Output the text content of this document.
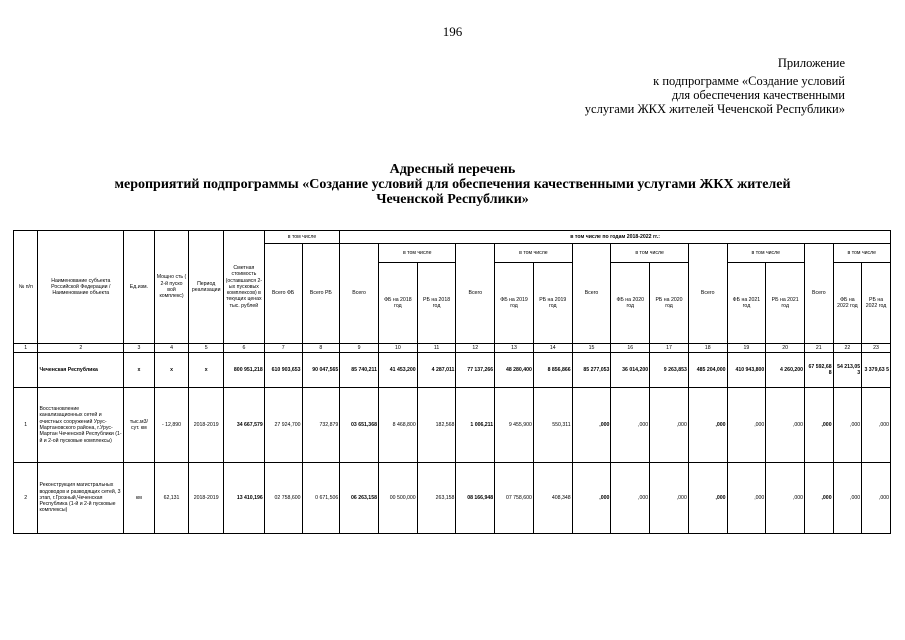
196
Приложение
к подпрограмме «Создание условий
для обеспечения качественными
услугами ЖКХ жителей Чеченской Республики»
Адресный перечень
мероприятий подпрограммы «Создание условий для обеспечения качественными услугами ЖКХ жителей
Чеченской Республики»
№ п/п	Наименование субъекта Российской Федерации / Наименование объекта	Ед.изм.	Мощно сть ( 2-й пуско вой комплекс)	Период реализации	Сметная стоимость (оставшаяся 2-ых пусковых комплексов) в текущих ценах тыс. рублей	в том числе		в том числе по годам 2018-2022 гг.:														
						Всего ФБ	Всего РБ	Всего	в том числе		Всего	в том числе		Всего	в том числе		Всего	в том числе		Всего	в том числе	
									ФБ на 2018 год	РБ на 2018 год		ФБ на 2019 год	РБ на 2019 год		ФБ на 2020 год	РБ на 2020 год		ФБ на 2021 год	РБ на 2021 год		ФБ на 2022 год	РБ на 2022 год
1	2	3	4	5	6	7	8	9	10	11	12	13	14	15	16	17	18	19	20	21	22	23
	Чеченская Республика	х	х	х	800 951,218	610 903,653	90 047,565	85 740,211	41 453,200	4 287,011	77 137,266	48 280,400	8 856,866	85 277,053	36 014,200	9 263,853	485 204,000	410 943,800	4 260,200	67 592,68 8	54 213,05 3	3 379,63 5
1	Восстановление канализационных сетей и очистных сооружений Урус-Мартановского района, г.Урус-Мартан Чеченской Республики (1-й и 2-ой пусковые комплексы)	тыс.м3/ сут. км	- 12,890	2018-2019	34 667,579	27 924,700	732,879	03 651,368	8 468,800	182,568	1 006,211	9 455,900	550,311	,000	,000	,000	,000	,000	,000	,000	,000	,000
2	Реконструкция магистральных водоводов и разводящих сетей, 3 этап, г.Грозный,Чеченская Республика (1-й и 2-й пусковые комплексы)	км	62,131	2018-2019	13 410,196	02 758,600	0 671,506	06 263,158	00 500,000	263,158	08 166,948	07 758,600	408,348	,000	,000	,000	,000	,000	,000	,000	,000	,000
